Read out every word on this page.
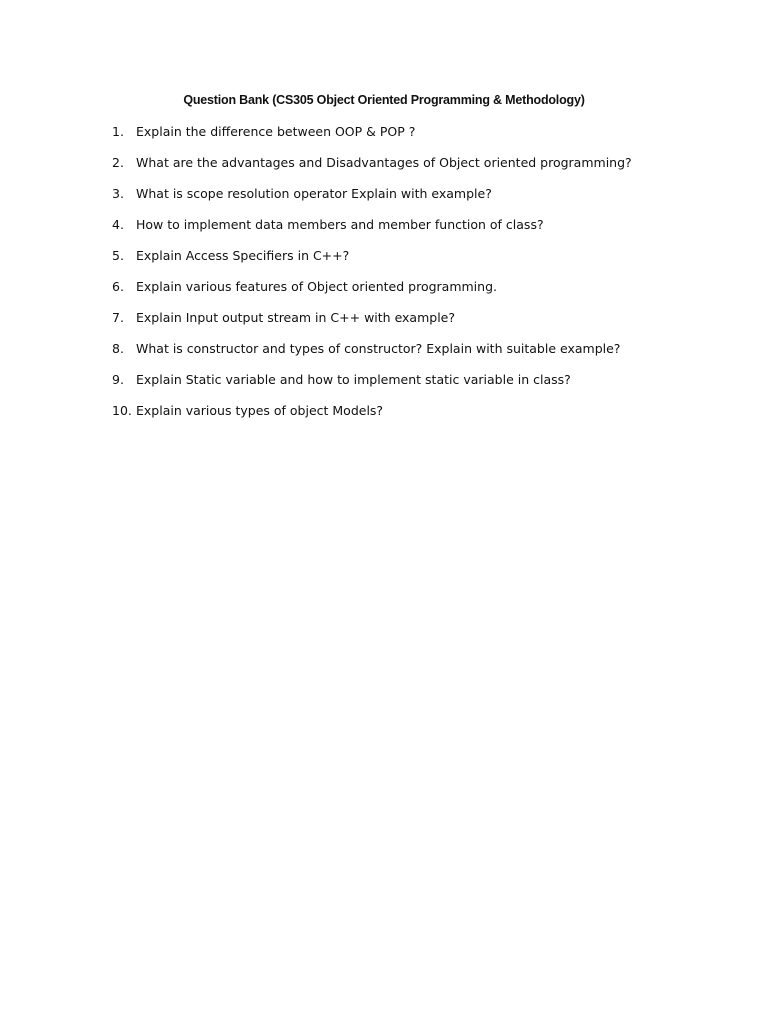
Question Bank (CS305 Object Oriented Programming & Methodology)
1. Explain the difference between OOP & POP ?
2. What are the advantages and Disadvantages of Object oriented programming?
3. What is scope resolution operator Explain with example?
4. How to implement data members and member function of class?
5. Explain Access Specifiers in C++?
6. Explain various features of Object oriented programming.
7. Explain Input output stream in C++ with example?
8. What is constructor and types of constructor? Explain with suitable example?
9. Explain Static variable and how to implement static variable in class?
10. Explain various types of object Models?
